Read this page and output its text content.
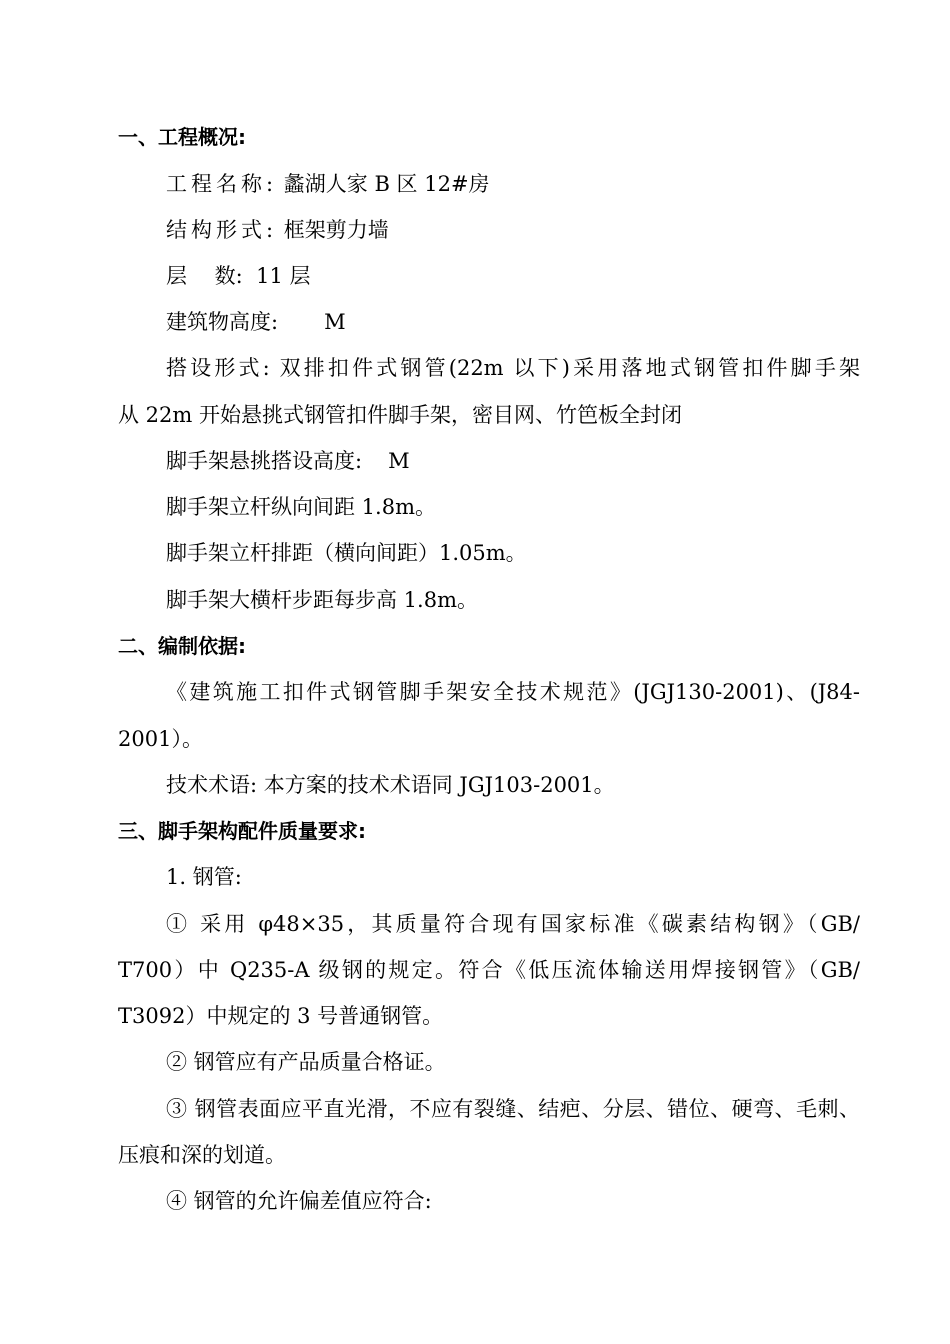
一、工程概况:
工程名称: 蠡湖人家 B 区 12#房
结构形式: 框架剪力墙
层　 数: 11 层
建筑物高度: M
搭设形式: 双排扣件式钢管(22m 以下)采用落地式钢管扣件脚手架
从 22m 开始悬挑式钢管扣件脚手架，密目网、竹笆板全封闭
脚手架悬挑搭设高度: M
脚手架立杆纵向间距 1.8m。
脚手架立杆排距（横向间距）1.05m。
脚手架大横杆步距每步高 1.8m。
二、编制依据:
《建筑施工扣件式钢管脚手架安全技术规范》(JGJ130-2001)、(J84-
2001）。
技术术语: 本方案的技术术语同 JGJ103-2001。
三、脚手架构配件质量要求:
1. 钢管:
① 采用 φ48×35，其质量符合现有国家标准《碳素结构钢》（GB/
T700）中 Q235-A 级钢的规定。符合《低压流体输送用焊接钢管》（GB/
T3092）中规定的 3 号普通钢管。
② 钢管应有产品质量合格证。
③ 钢管表面应平直光滑，不应有裂缝、结疤、分层、错位、硬弯、毛刺、
压痕和深的划道。
④ 钢管的允许偏差值应符合:
